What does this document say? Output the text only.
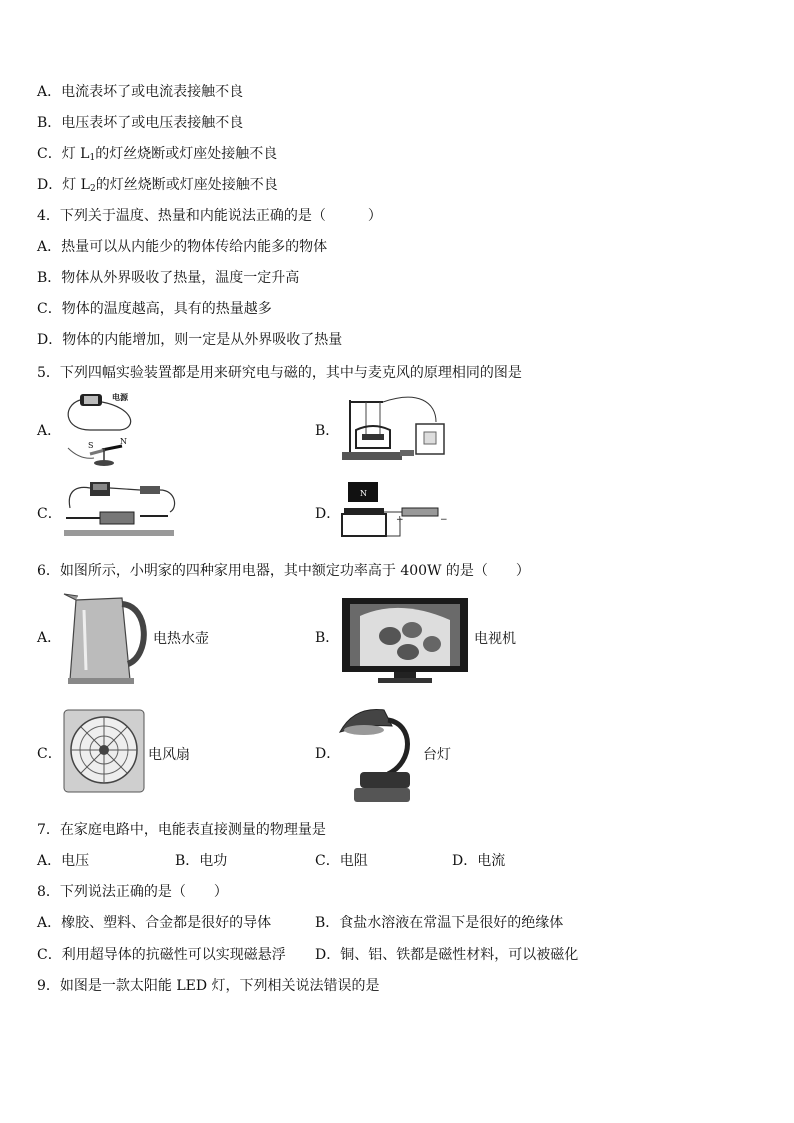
A．电流表坏了或电流表接触不良
B．电压表坏了或电压表接触不良
C．灯 $L_1$的灯丝烧断或灯座处接触不良
D．灯 $L_2$的灯丝烧断或灯座处接触不良
4．下列关于温度、热量和内能说法正确的是（　　　）
A．热量可以从内能少的物体传给内能多的物体
B．物体从外界吸收了热量，温度一定升高
C．物体的温度越高，具有的热量越多
D．物体的内能增加，则一定是从外界吸收了热量
5．下列四幅实验装置都是用来研究电与磁的，其中与麦克风的原理相同的图是
A．
电源
S	N
B．
C．	D．
N
+	−
6．如图所示，小明家的四种家用电器，其中额定功率高于 400W 的是（　　）
A．	电热水壶	B．	电视机
C．	电风扇	D．	台灯
7．在家庭电路中，电能表直接测量的物理量是
A．电压	B．电功	C．电阻	D．电流
8．下列说法正确的是（　　）
A．橡胶、塑料、合金都是很好的导体	B．食盐水溶液在常温下是很好的绝缘体
C．利用超导体的抗磁性可以实现磁悬浮 D．铜、铝、铁都是磁性材料，可以被磁化
9．如图是一款太阳能 LED 灯，下列相关说法错误的是
